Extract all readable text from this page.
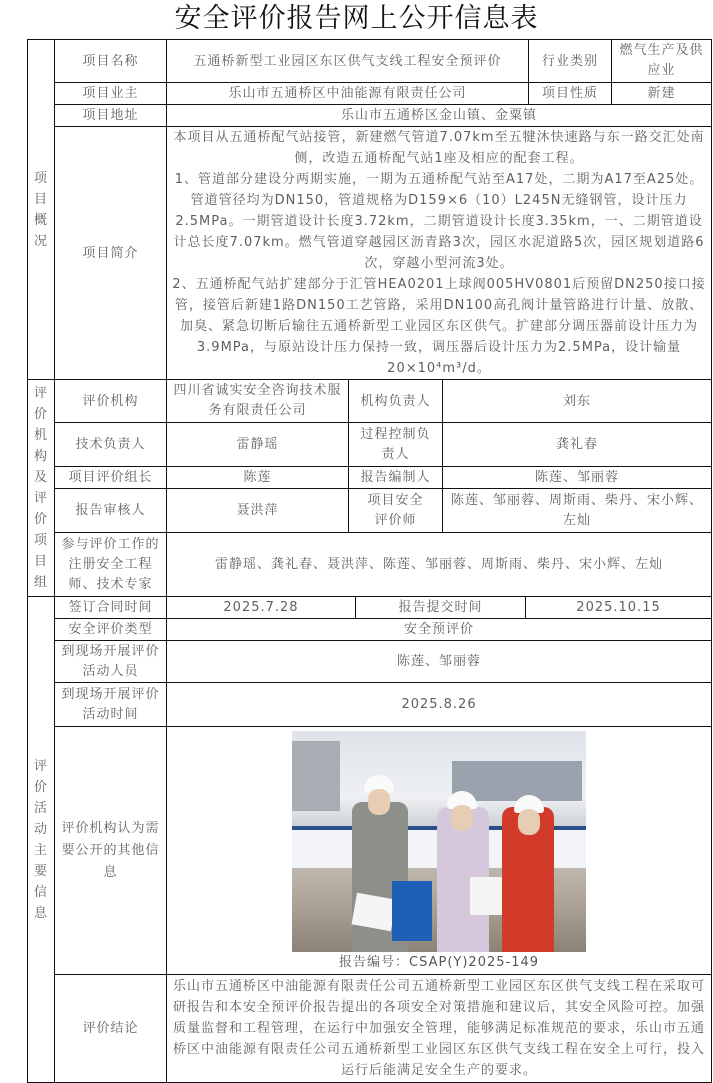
安全评价报告网上公开信息表
项目概况	项目名称	五通桥新型工业园区东区供气支线工程安全预评价					行业类别	燃气生产及供应业
	项目业主	乐山市五通桥区中油能源有限责任公司					项目性质	新建
	项目地址	乐山市五通桥区金山镇、金粟镇						
	项目简介	本项目从五通桥配气站接管，新建燃气管道7.07km至五犍沐快速路与东一路交汇处南侧，改造五通桥配气站1座及相应的配套工程。
1、管道部分建设分两期实施，一期为五通桥配气站至A17处，二期为A17至A25处。管道管径均为DN150，管道规格为D159×6（10）L245N无缝钢管，设计压力2.5MPa。一期管道设计长度3.72km，二期管道设计长度3.35km，一、二期管道设计总长度7.07km。燃气管道穿越园区沥青路3次，园区水泥道路5次，园区规划道路6次，穿越小型河流3处。
2、五通桥配气站扩建部分于汇管HEA0201上球阀005HV0801后预留DN250接口接管，接管后新建1路DN150工艺管路，采用DN100高孔阀计量管路进行计量、放散、加臭、紧急切断后输往五通桥新型工业园区东区供气。扩建部分调压器前设计压力为3.9MPa，与原站设计压力保持一致，调压器后设计压力为2.5MPa，设计输量20×10⁴m³/d。						

评价机构及评价项目组	评价机构	四川省诚实安全咨询技术服务有限责任公司	机构负责人		刘东			
	技术负责人	雷静瑶	过程控制负责人		龚礼春			
	项目评价组长	陈莲	报告编制人		陈莲、邹丽蓉			
	报告审核人	聂洪萍	项目安全评价师		陈莲、邹丽蓉、周斯雨、柴丹、宋小辉、左灿			
	参与评价工作的注册安全工程师、技术专家	雷静瑶、龚礼春、聂洪萍、陈莲、邹丽蓉、周斯雨、柴丹、宋小辉、左灿						

评价活动主要信息	签订合同时间	2025.7.28		报告提交时间		2025.10.15		
	安全评价类型	安全预评价						
	到现场开展评价活动人员	陈莲、邹丽蓉						
	到现场开展评价活动时间	2025.8.26						
	评价机构认为需要公开的其他信息	报告编号：CSAP(Y)2025-149						

	评价结论	乐山市五通桥区中油能源有限责任公司五通桥新型工业园区东区供气支线工程在采取可研报告和本安全预评价报告提出的各项安全对策措施和建议后，其安全风险可控。加强质量监督和工程管理，在运行中加强安全管理，能够满足标准规范的要求，乐山市五通桥区中油能源有限责任公司五通桥新型工业园区东区供气支线工程在安全上可行，投入运行后能满足安全生产的要求。						
